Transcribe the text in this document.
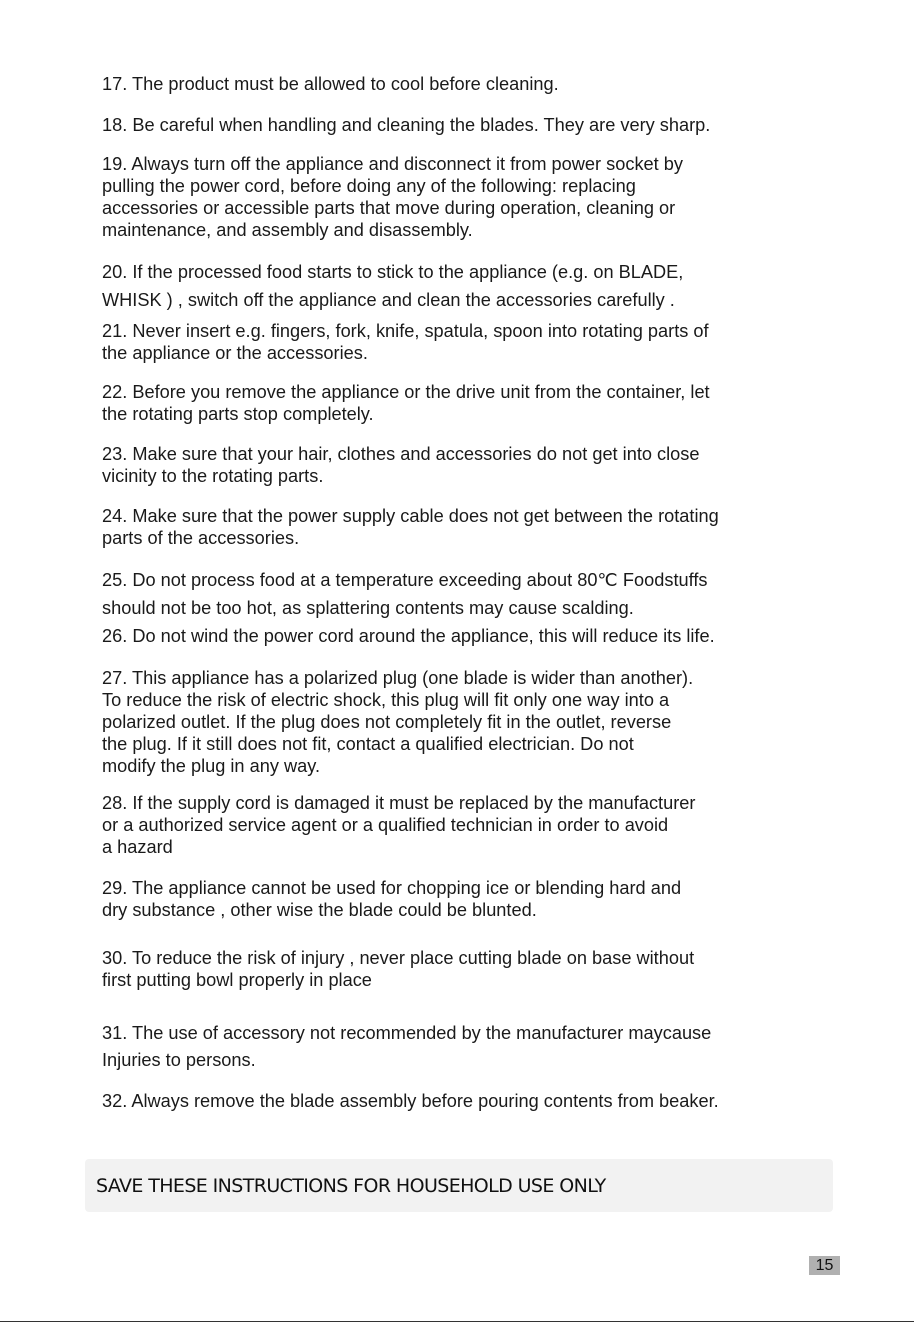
17. The product must be allowed to cool before cleaning.

18. Be careful when handling and cleaning the blades. They are very sharp.

19. Always turn off the appliance and disconnect it from power socket by
pulling the power cord, before doing any of the following: replacing
accessories or accessible parts that move during operation, cleaning or
maintenance, and assembly and disassembly.

20. If the processed food starts to stick to the appliance (e.g. on BLADE,
WHISK ) , switch off the appliance and clean the accessories carefully .

21. Never insert e.g. fingers, fork, knife, spatula, spoon into rotating parts of
the appliance or the accessories.

22. Before you remove the appliance or the drive unit from the container, let
the rotating parts stop completely.

23. Make sure that your hair, clothes and accessories do not get into close
vicinity to the rotating parts.

24. Make sure that the power supply cable does not get between the rotating
parts of the accessories.

25. Do not process food at a temperature exceeding about 80℃ Foodstuffs
should not be too hot, as splattering contents may cause scalding.

26. Do not wind the power cord around the appliance, this will reduce its life.

27. This appliance has a polarized plug (one blade is wider than another).
To reduce the risk of electric shock, this plug will fit only one way into a
polarized outlet. If the plug does not completely fit in the outlet, reverse
the plug. If it still does not fit, contact a qualified electrician. Do not
modify the plug in any way.

28. If the supply cord is damaged it must be replaced by the manufacturer
or a authorized service agent or a qualified technician in order to avoid
a hazard

29. The appliance cannot be used for chopping ice or blending hard and
dry substance , other wise the blade could be blunted.

30. To reduce the risk of injury , never place cutting blade on base without
first putting bowl properly in place

31. The use of accessory not recommended by the manufacturer maycause
Injuries to persons.

32. Always remove the blade assembly before pouring contents from beaker.

SAVE THESE INSTRUCTIONS FOR HOUSEHOLD USE ONLY
15
